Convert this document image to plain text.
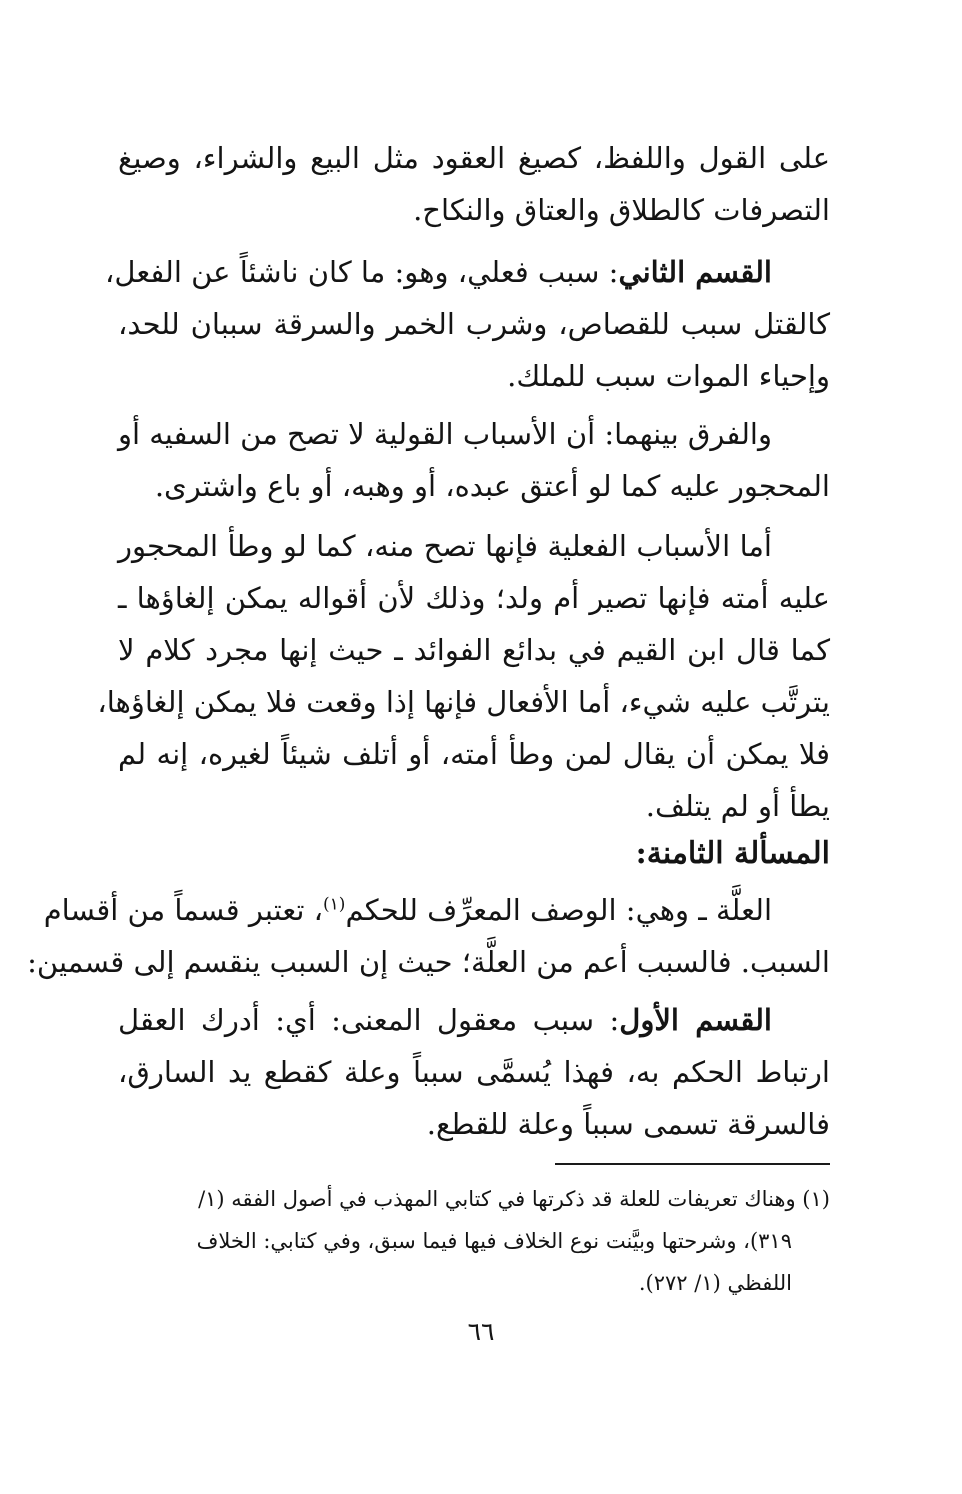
على القول واللفظ، كصيغ العقود مثل البيع والشراء، وصيغ
التصرفات كالطلاق والعتاق والنكاح.
القسم الثاني: سبب فعلي، وهو: ما كان ناشئاً عن الفعل،
كالقتل سبب للقصاص، وشرب الخمر والسرقة سببان للحد،
وإحياء الموات سبب للملك.
والفرق بينهما: أن الأسباب القولية لا تصح من السفيه أو
المحجور عليه كما لو أعتق عبده، أو وهبه، أو باع واشترى.
أما الأسباب الفعلية فإنها تصح منه، كما لو وطأ المحجور
عليه أمته فإنها تصير أم ولد؛ وذلك لأن أقواله يمكن إلغاؤها ـ
كما قال ابن القيم في بدائع الفوائد ـ حيث إنها مجرد كلام لا
يترتَّب عليه شيء، أما الأفعال فإنها إذا وقعت فلا يمكن إلغاؤها،
فلا يمكن أن يقال لمن وطأ أمته، أو أتلف شيئاً لغيره، إنه لم
يطأ أو لم يتلف.
المسألة الثامنة:
العلَّة ـ وهي: الوصف المعرِّف للحكم$^{(١)}$، تعتبر قسماً من أقسام
السبب. فالسبب أعم من العلَّة؛ حيث إن السبب ينقسم إلى قسمين:
القسم الأول: سبب معقول المعنى: أي: أدرك العقل
ارتباط الحكم به، فهذا يُسمَّى سبباً وعلة كقطع يد السارق،
فالسرقة تسمى سبباً وعلة للقطع.
(١) وهناك تعريفات للعلة قد ذكرتها في كتابي المهذب في أصول الفقه (١/
٣١٩)، وشرحتها وبيَّنت نوع الخلاف فيها فيما سبق، وفي كتابي: الخلاف
اللفظي (١/ ٢٧٢).
٦٦
